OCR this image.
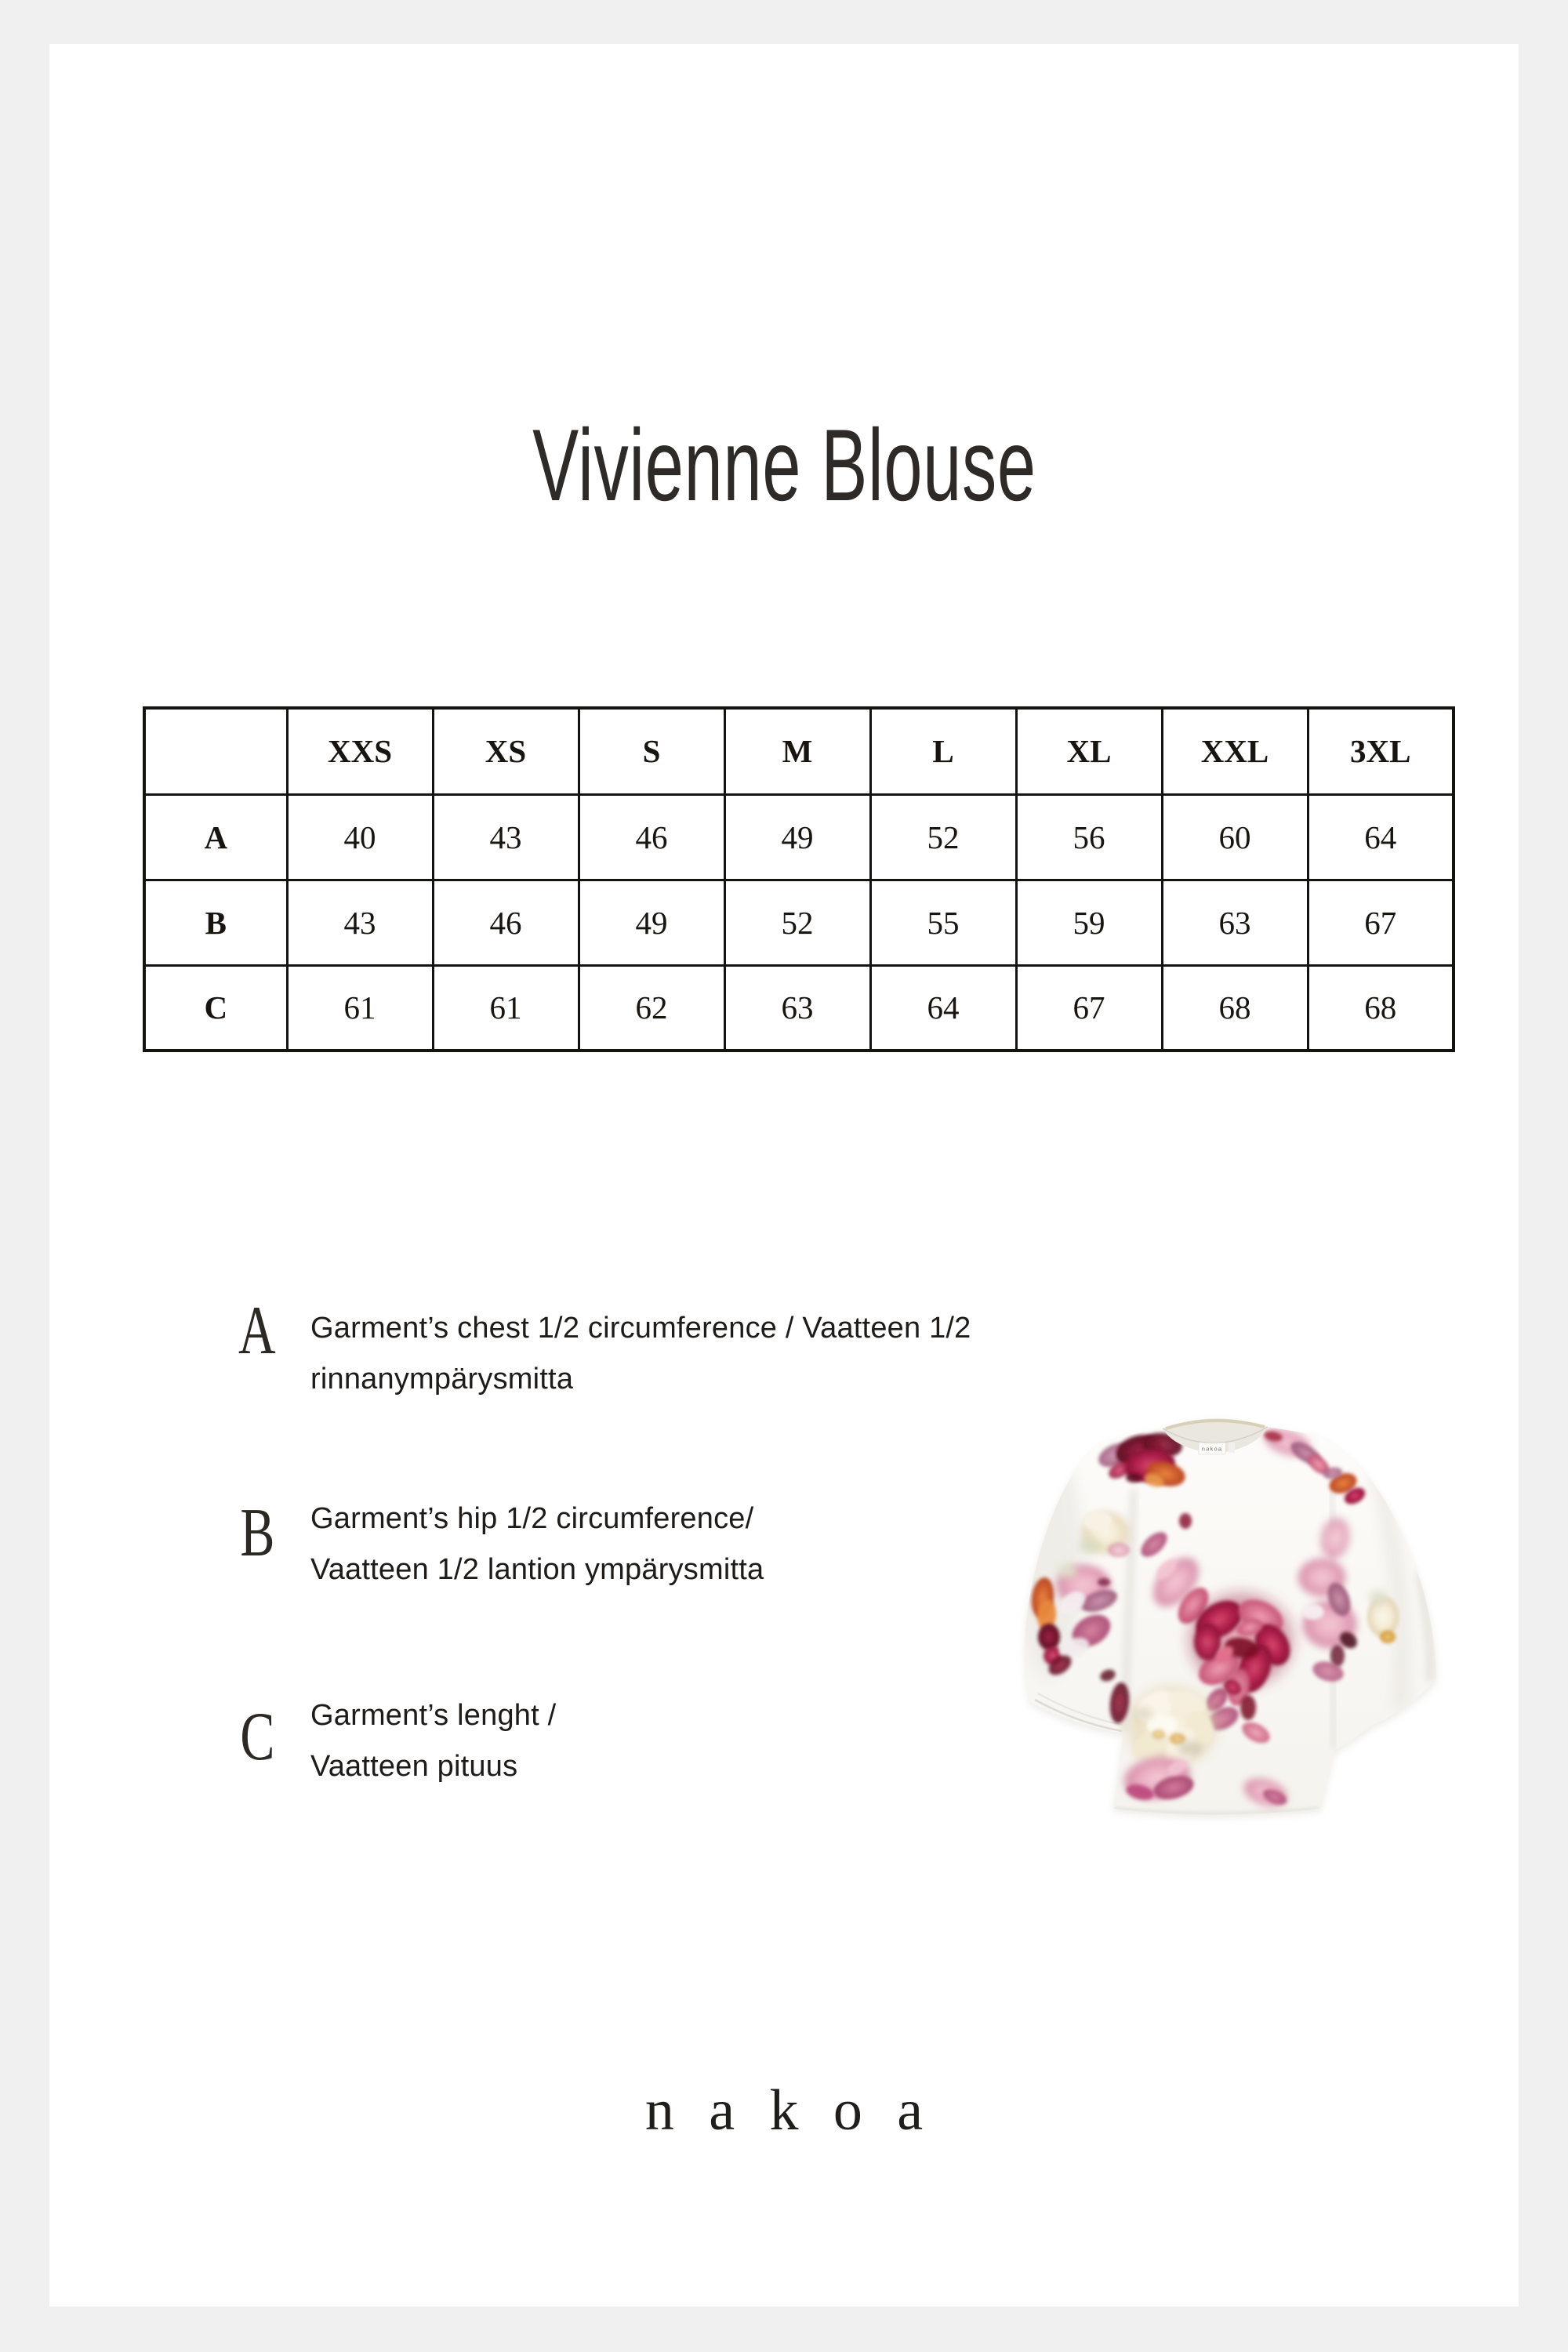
Vivienne Blouse
	XXS	XS	S	M	L	XL	XXL	3XL
A	40	43	46	49	52	56	60	64
B	43	46	49	52	55	59	63	67
C	61	61	62	63	64	67	68	68
A	Garment’s chest 1/2 circumference / Vaatteen 1/2
rinnanympärysmitta
B	Garment’s hip 1/2 circumference/
Vaatteen 1/2 lantion ympärysmitta
C	Garment’s lenght /
Vaatteen pituus
nakoa
nakoa
